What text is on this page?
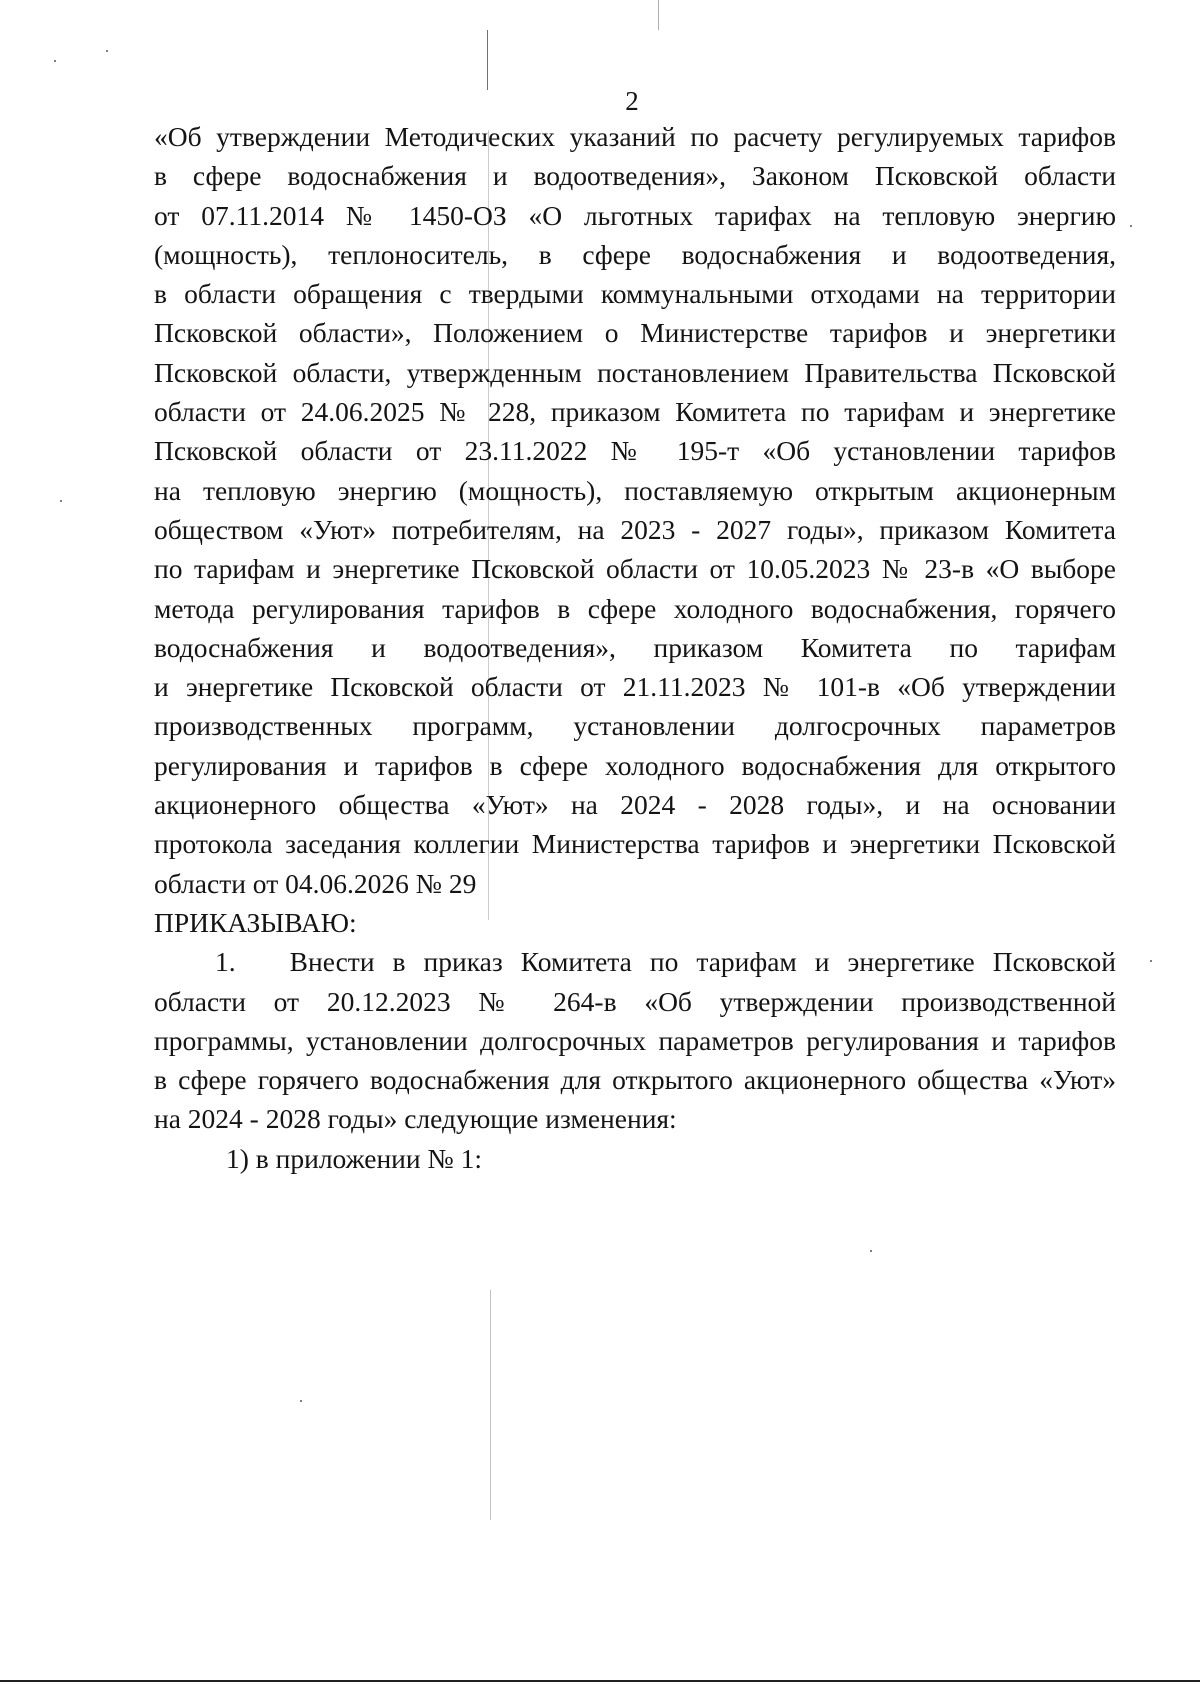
2
«Об утверждении Методических указаний по расчету регулируемых тарифов
в сфере водоснабжения и водоотведения», Законом Псковской области
от 07.11.2014 № 1450-ОЗ «О льготных тарифах на тепловую энергию
(мощность), теплоноситель, в сфере водоснабжения и водоотведения,
в области обращения с твердыми коммунальными отходами на территории
Псковской области», Положением о Министерстве тарифов и энергетики
Псковской области, утвержденным постановлением Правительства Псковской
области от 24.06.2025 № 228, приказом Комитета по тарифам и энергетике
Псковской области от 23.11.2022 № 195-т «Об установлении тарифов
на тепловую энергию (мощность), поставляемую открытым акционерным
обществом «Уют» потребителям, на 2023 - 2027 годы», приказом Комитета
по тарифам и энергетике Псковской области от 10.05.2023 № 23-в «О выборе
метода регулирования тарифов в сфере холодного водоснабжения, горячего
водоснабжения и водоотведения», приказом Комитета по тарифам
и энергетике Псковской области от 21.11.2023 № 101-в «Об утверждении
производственных программ, установлении долгосрочных параметров
регулирования и тарифов в сфере холодного водоснабжения для открытого
акционерного общества «Уют» на 2024 - 2028 годы», и на основании
протокола заседания коллегии Министерства тарифов и энергетики Псковской
области от 04.06.2026 № 29
ПРИКАЗЫВАЮ:
1.   Внести в приказ Комитета по тарифам и энергетике Псковской
области от 20.12.2023 № 264-в «Об утверждении производственной
программы, установлении долгосрочных параметров регулирования и тарифов
в сфере горячего водоснабжения для открытого акционерного общества «Уют»
на 2024 - 2028 годы» следующие изменения:
1) в приложении № 1:
